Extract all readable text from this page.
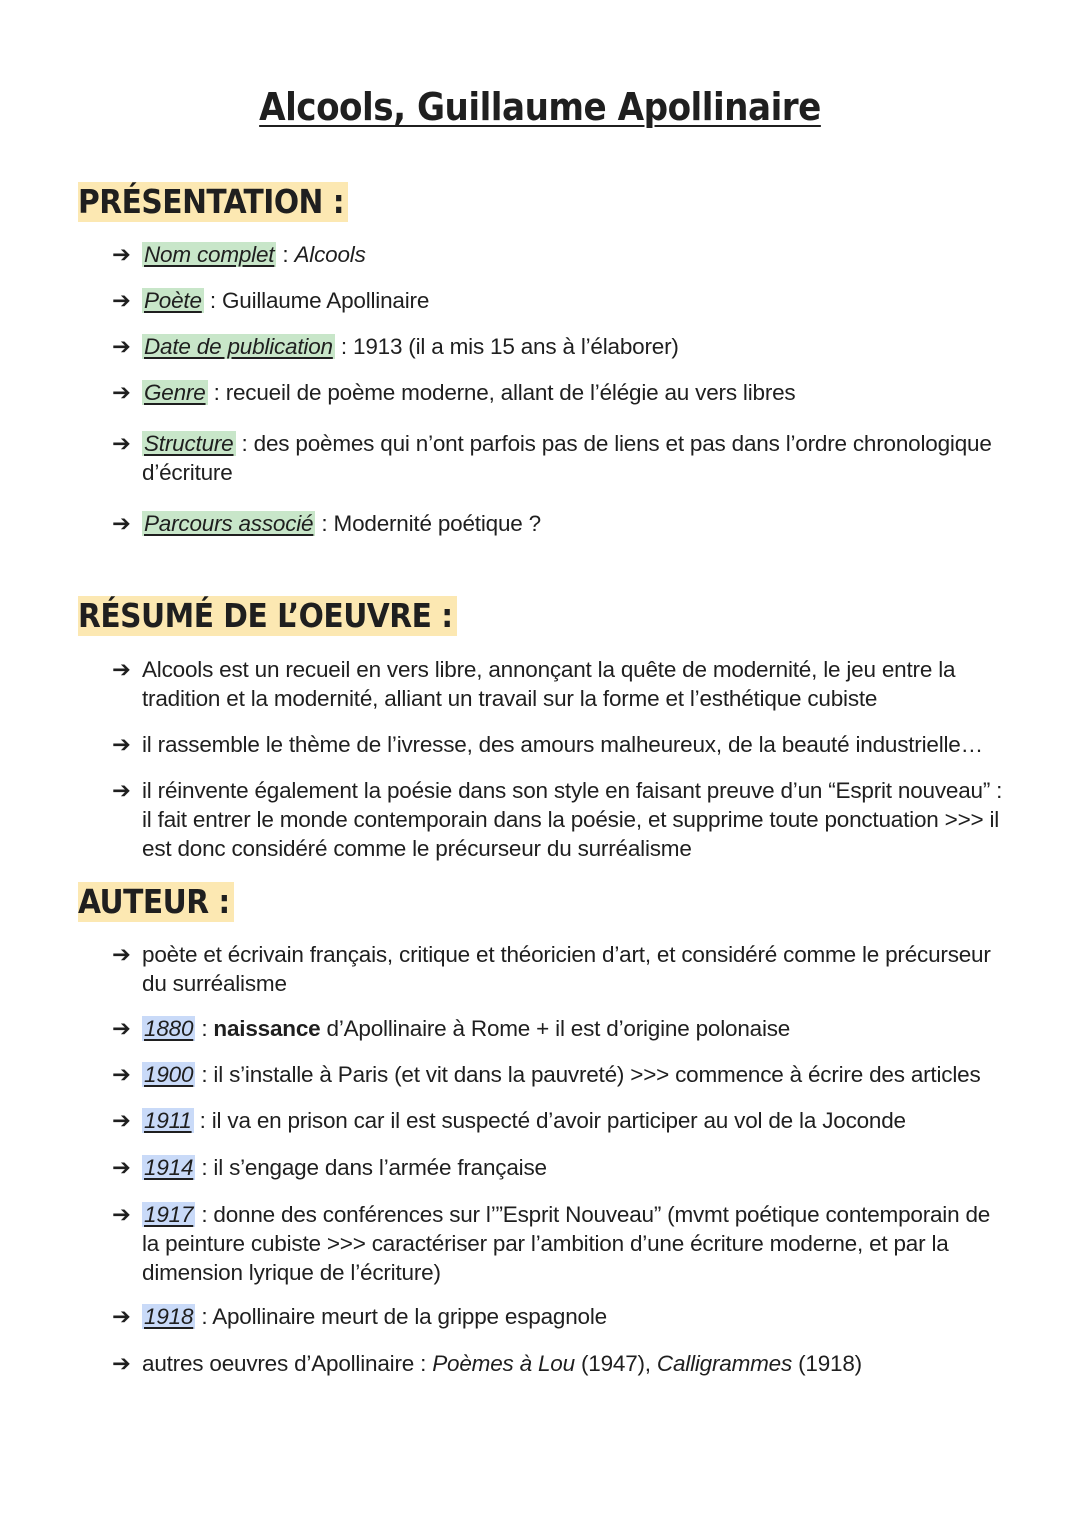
Alcools, Guillaume Apollinaire
PRÉSENTATION :
➔ Nom complet : Alcools
➔ Poète : Guillaume Apollinaire
➔ Date de publication : 1913 (il a mis 15 ans à l’élaborer)
➔ Genre : recueil de poème moderne, allant de l’élégie au vers libres
➔ Structure : des poèmes qui n’ont parfois pas de liens et pas dans l’ordre chronologique d’écriture
➔ Parcours associé : Modernité poétique ?
RÉSUMÉ DE L’OEUVRE :
➔ Alcools est un recueil en vers libre, annonçant la quête de modernité, le jeu entre la tradition et la modernité, alliant un travail sur la forme et l’esthétique cubiste
➔ il rassemble le thème de l’ivresse, des amours malheureux, de la beauté industrielle…
➔ il réinvente également la poésie dans son style en faisant preuve d’un “Esprit nouveau” : il fait entrer le monde contemporain dans la poésie, et supprime toute ponctuation >>> il est donc considéré comme le précurseur du surréalisme
AUTEUR :
➔ poète et écrivain français, critique et théoricien d’art, et considéré comme le précurseur du surréalisme
➔ 1880 : naissance d’Apollinaire à Rome + il est d’origine polonaise
➔ 1900 : il s’installe à Paris (et vit dans la pauvreté) >>> commence à écrire des articles
➔ 1911 : il va en prison car il est suspecté d’avoir participer au vol de la Joconde
➔ 1914 : il s’engage dans l’armée française
➔ 1917 : donne des conférences sur l’”Esprit Nouveau” (mvmt poétique contemporain de la peinture cubiste >>> caractériser par l’ambition d’une écriture moderne, et par la dimension lyrique de l’écriture)
➔ 1918 : Apollinaire meurt de la grippe espagnole
➔ autres oeuvres d’Apollinaire : Poèmes à Lou (1947), Calligrammes (1918)
